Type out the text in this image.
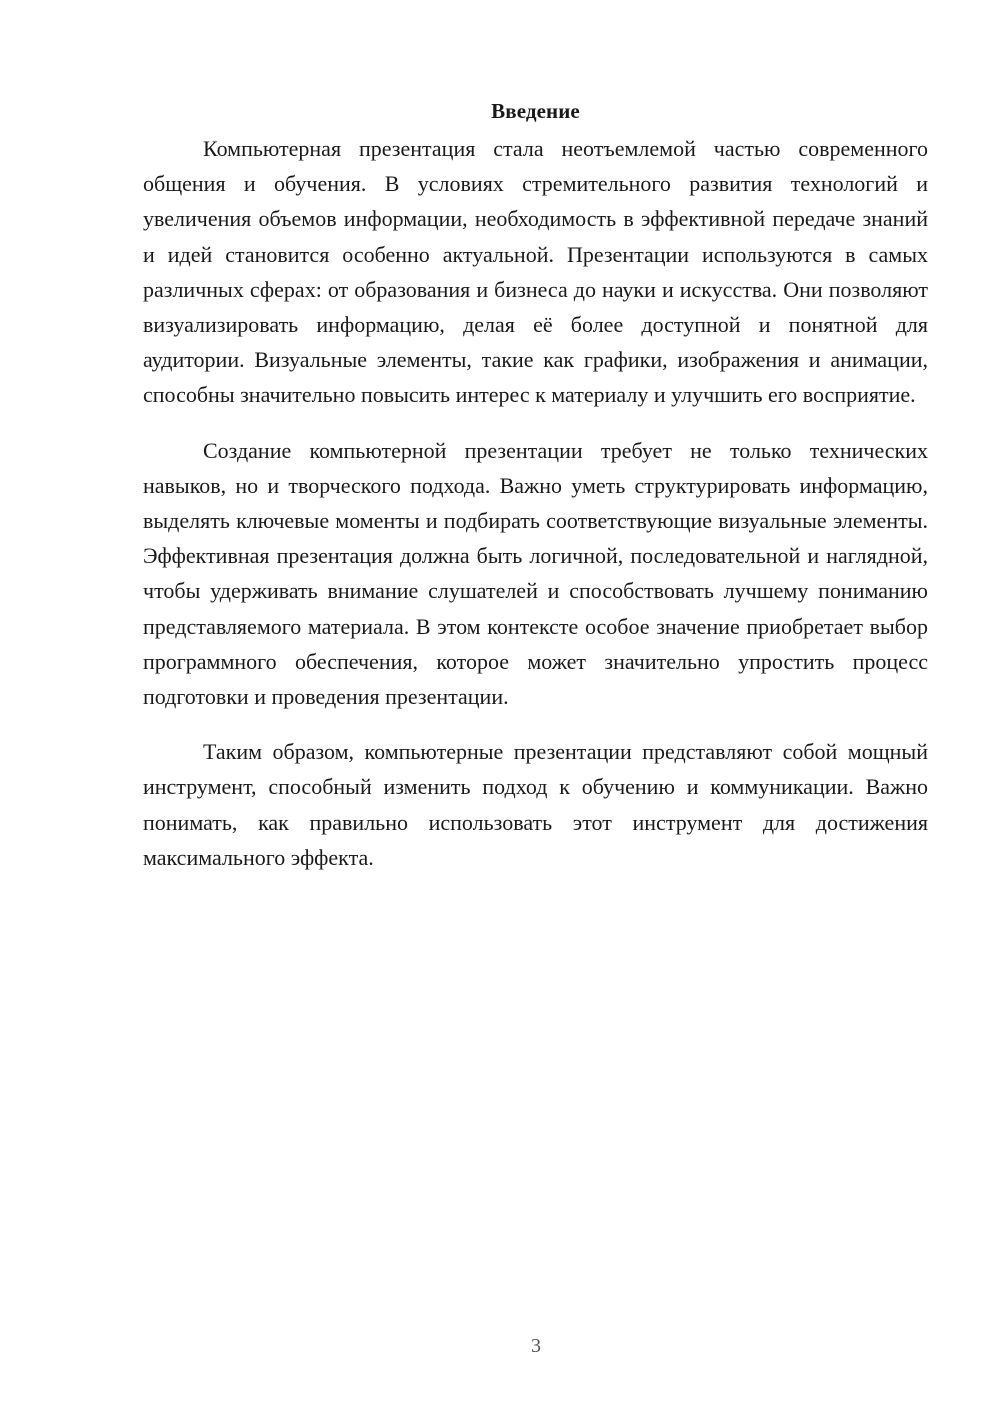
Введение

Компьютерная презентация стала неотъемлемой частью современного общения и обучения. В условиях стремительного развития технологий и увеличения объемов информации, необходимость в эффективной передаче знаний и идей становится особенно актуальной. Презентации используются в самых различных сферах: от образования и бизнеса до науки и искусства. Они позволяют визуализировать информацию, делая её более доступной и понятной для аудитории. Визуальные элементы, такие как графики, изображения и анимации, способны значительно повысить интерес к материалу и улучшить его восприятие.

Создание компьютерной презентации требует не только технических навыков, но и творческого подхода. Важно уметь структурировать информацию, выделять ключевые моменты и подбирать соответствующие визуальные элементы. Эффективная презентация должна быть логичной, последовательной и наглядной, чтобы удерживать внимание слушателей и способствовать лучшему пониманию представляемого материала. В этом контексте особое значение приобретает выбор программного обеспечения, которое может значительно упростить процесс подготовки и проведения презентации.

Таким образом, компьютерные презентации представляют собой мощный инструмент, способный изменить подход к обучению и коммуникации. Важно понимать, как правильно использовать этот инструмент для достижения максимального эффекта.

3
